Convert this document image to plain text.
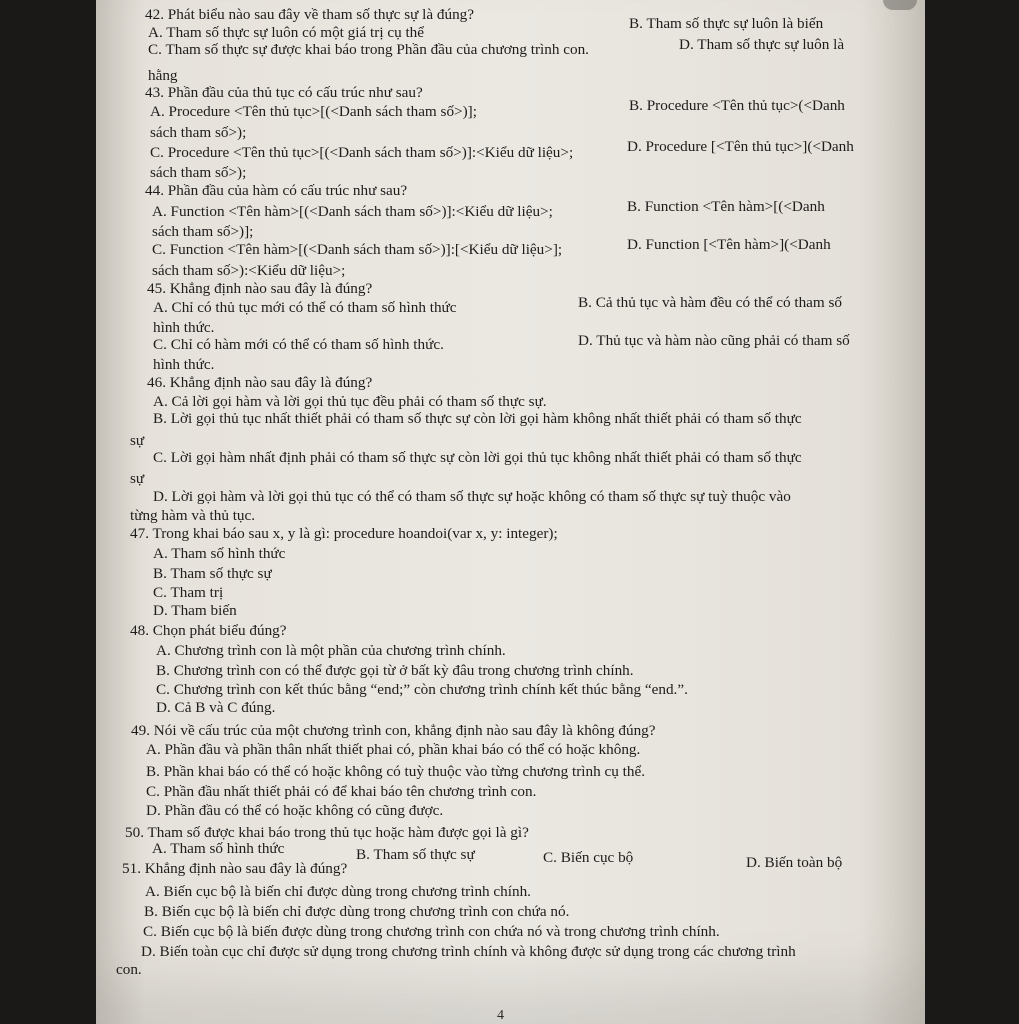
42. Phát biểu nào sau đây về tham số thực sự là đúng?
A. Tham số thực sự luôn có một giá trị cụ thể
B. Tham số thực sự luôn là biến
C. Tham số thực sự được khai báo trong Phần đầu của chương trình con.	D. Tham số thực sự luôn là
hằng
43. Phần đầu của thủ tục có cấu trúc như sau?
A. Procedure <Tên thủ tục>[(<Danh sách tham số>)];	B. Procedure <Tên thủ tục>(<Danh
sách tham số>);
C. Procedure <Tên thủ tục>[(<Danh sách tham số>)]:<Kiểu dữ liệu>;	D. Procedure [<Tên thủ tục>](<Danh
sách tham số>);
44. Phần đầu của hàm có cấu trúc như sau?
A. Function <Tên hàm>[(<Danh sách tham số>)]:<Kiểu dữ liệu>;	B. Function <Tên hàm>[(<Danh
sách tham số>)];
C. Function <Tên hàm>[(<Danh sách tham số>)]:[<Kiểu dữ liệu>];	D. Function [<Tên hàm>](<Danh
sách tham số>):<Kiểu dữ liệu>;
45. Khẳng định nào sau đây là đúng?
A. Chỉ có thủ tục mới có thể có tham số hình thức	B. Cả thủ tục và hàm đều có thể có tham số
hình thức.
C. Chỉ có hàm mới có thể có tham số hình thức.	D. Thủ tục và hàm nào cũng phải có tham số
hình thức.
46. Khẳng định nào sau đây là đúng?
A. Cả lời gọi hàm và lời gọi thủ tục đều phải có tham số thực sự.
B. Lời gọi thủ tục nhất thiết phải có tham số thực sự còn lời gọi hàm không nhất thiết phải có tham số thực
sự
C. Lời gọi hàm nhất định phải có tham số thực sự còn lời gọi thủ tục không nhất thiết phải có tham số thực
sự
D. Lời gọi hàm và lời gọi thủ tục có thể có tham số thực sự hoặc không có tham số thực sự tuỳ thuộc vào
từng hàm và thủ tục.
47. Trong khai báo sau x, y là gì: procedure hoandoi(var x, y: integer);
A. Tham số hình thức
B. Tham số thực sự
C. Tham trị
D. Tham biến
48. Chọn phát biểu đúng?
A. Chương trình con là một phần của chương trình chính.
B. Chương trình con có thể được gọi từ ở bất kỳ đâu trong chương trình chính.
C. Chương trình con kết thúc bằng “end;” còn chương trình chính kết thúc bằng “end.”.
D. Cả B và C đúng.
49. Nói về cấu trúc của một chương trình con, khẳng định nào sau đây là không đúng?
A. Phần đầu và phần thân nhất thiết phai có, phần khai báo có thể có hoặc không.
B. Phần khai báo có thể có hoặc không có tuỳ thuộc vào từng chương trình cụ thể.
C. Phần đầu nhất thiết phải có để khai báo tên chương trình con.
D. Phần đầu có thể có hoặc không có cũng được.
50. Tham số được khai báo trong thủ tục hoặc hàm được gọi là gì?
A. Tham số hình thức	B. Tham số thực sự	C. Biến cục bộ	D. Biến toàn bộ
51. Khẳng định nào sau đây là đúng?
A. Biến cục bộ là biến chỉ được dùng trong chương trình chính.
B. Biến cục bộ là biến chỉ được dùng trong chương trình con chứa nó.
C. Biến cục bộ là biến được dùng trong chương trình con chứa nó và trong chương trình chính.
D. Biến toàn cục chỉ được sử dụng trong chương trình chính và không được sử dụng trong các chương trình
con.
4
